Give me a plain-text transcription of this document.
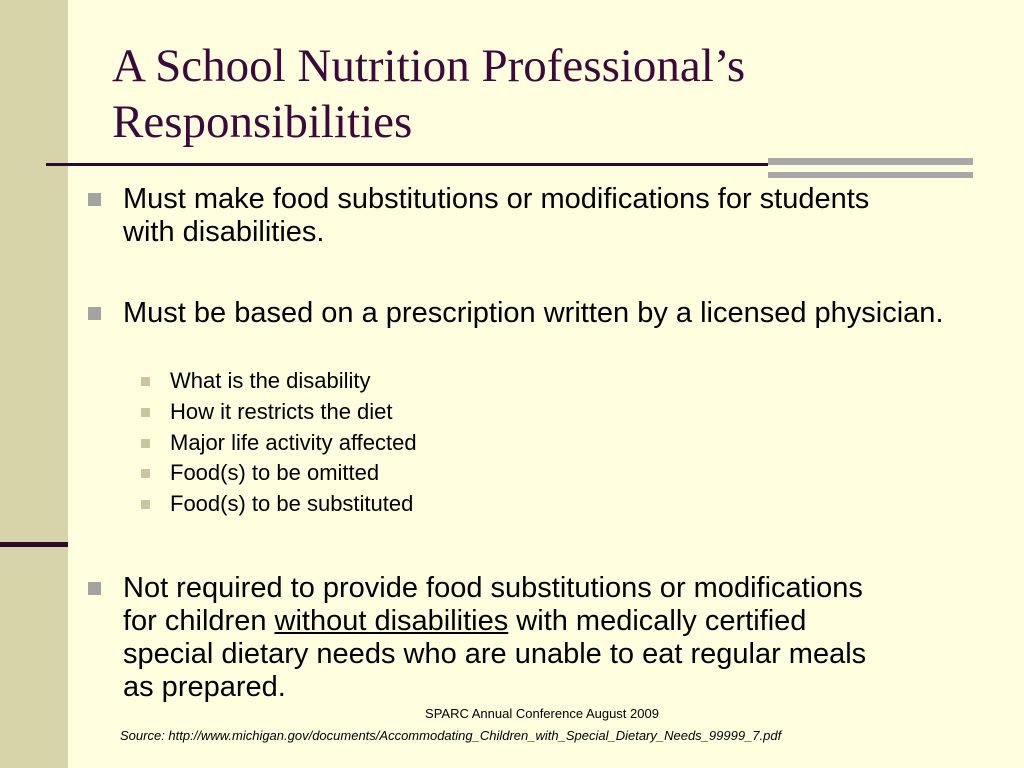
A School Nutrition Professional’s
Responsibilities
Must make food substitutions or modifications for students with disabilities.
Must be based on a prescription written by a licensed physician.
What is the disability
How it restricts the diet
Major life activity affected
Food(s) to be omitted
Food(s) to be substituted
Not required to provide food substitutions or modifications for children without disabilities with medically certified special dietary needs who are unable to eat regular meals as prepared.
SPARC Annual Conference August 2009
Source: http://www.michigan.gov/documents/Accommodating_Children_with_Special_Dietary_Needs_99999_7.pdf
